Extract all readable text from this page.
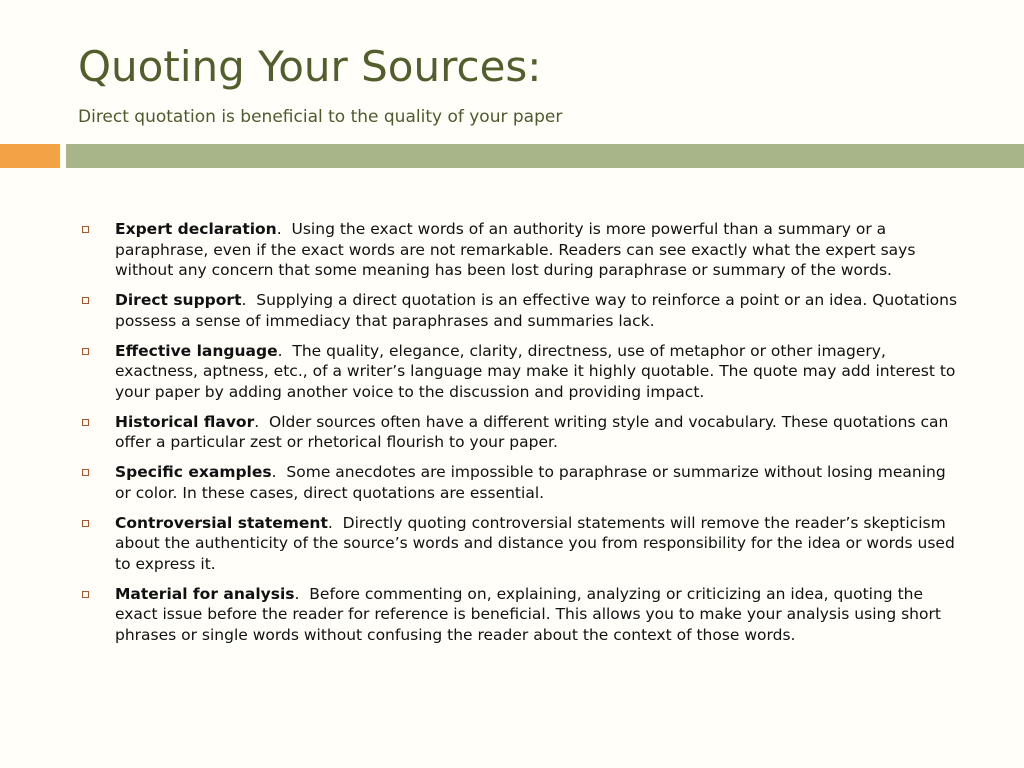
Quoting Your Sources:
Direct quotation is beneficial to the quality of your paper
Expert declaration.  Using the exact words of an authority is more powerful than a summary or a paraphrase, even if the exact words are not remarkable. Readers can see exactly what the expert says without any concern that some meaning has been lost during paraphrase or summary of the words.
Direct support.  Supplying a direct quotation is an effective way to reinforce a point or an idea. Quotations possess a sense of immediacy that paraphrases and summaries lack.
Effective language.  The quality, elegance, clarity, directness, use of metaphor or other imagery, exactness, aptness, etc., of a writer’s language may make it highly quotable. The quote may add interest to your paper by adding another voice to the discussion and providing impact.
Historical flavor.  Older sources often have a different writing style and vocabulary. These quotations can offer a particular zest or rhetorical flourish to your paper.
Specific examples.  Some anecdotes are impossible to paraphrase or summarize without losing meaning or color. In these cases, direct quotations are essential.
Controversial statement.  Directly quoting controversial statements will remove the reader’s skepticism about the authenticity of the source’s words and distance you from responsibility for the idea or words used to express it.
Material for analysis.  Before commenting on, explaining, analyzing or criticizing an idea, quoting the exact issue before the reader for reference is beneficial. This allows you to make your analysis using short phrases or single words without confusing the reader about the context of those words.
